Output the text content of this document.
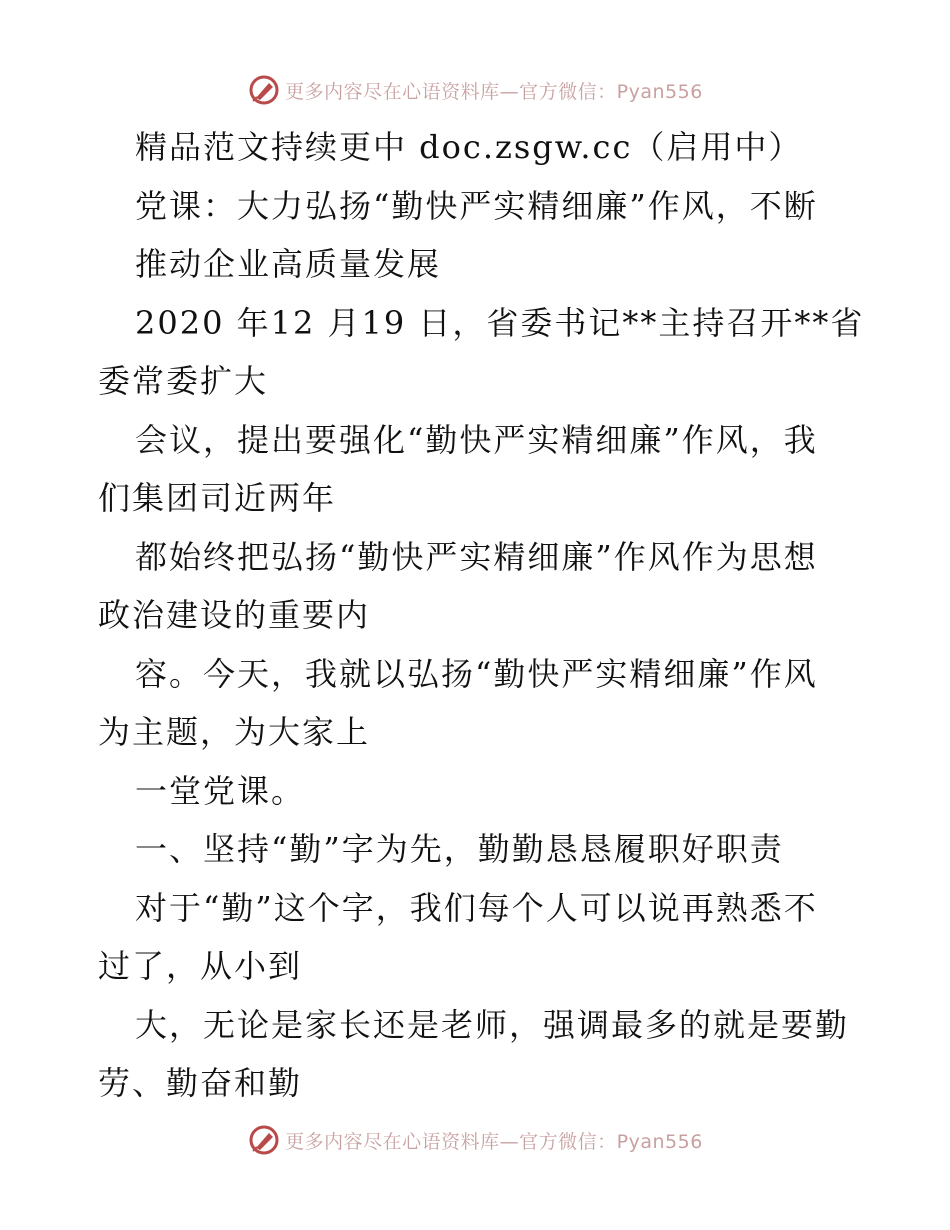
更多内容尽在心语资料库—官方微信：Pyan556
精品范文持续更中 doc.zsgw.cc（启用中）
党课：大力弘扬“勤快严实精细廉”作风，不断
推动企业高质量发展
2020 年12 月19 日，省委书记**主持召开**省
委常委扩大
会议，提出要强化“勤快严实精细廉”作风，我
们集团司近两年
都始终把弘扬“勤快严实精细廉”作风作为思想
政治建设的重要内
容。今天，我就以弘扬“勤快严实精细廉”作风
为主题，为大家上
一堂党课。
一、坚持“勤”字为先，勤勤恳恳履职好职责
对于“勤”这个字，我们每个人可以说再熟悉不
过了，从小到
大，无论是家长还是老师，强调最多的就是要勤
劳、勤奋和勤
更多内容尽在心语资料库—官方微信：Pyan556
